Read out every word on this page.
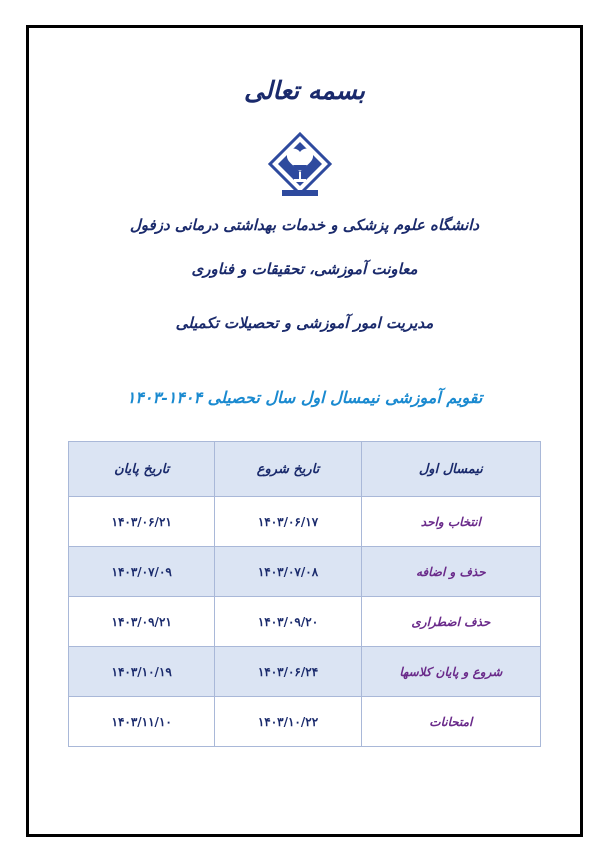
بسمه تعالی
دانشگاه علوم پزشکی و خدمات بهداشتی درمانی دزفول
معاونت آموزشی، تحقیقات و فناوری
مدیریت امور آموزشی و تحصیلات تکمیلی
تقویم آموزشی نیمسال اول سال تحصیلی ۱۴۰۴-۱۴۰۳
نیمسال اول	تاریخ شروع	تاریخ پایان
انتخاب واحد	۱۴۰۳/۰۶/۱۷	۱۴۰۳/۰۶/۲۱
حذف و اضافه	۱۴۰۳/۰۷/۰۸	۱۴۰۳/۰۷/۰۹
حذف اضطراری	۱۴۰۳/۰۹/۲۰	۱۴۰۳/۰۹/۲۱
شروع و پایان کلاسها	۱۴۰۳/۰۶/۲۴	۱۴۰۳/۱۰/۱۹
امتحانات	۱۴۰۳/۱۰/۲۲	۱۴۰۳/۱۱/۱۰
